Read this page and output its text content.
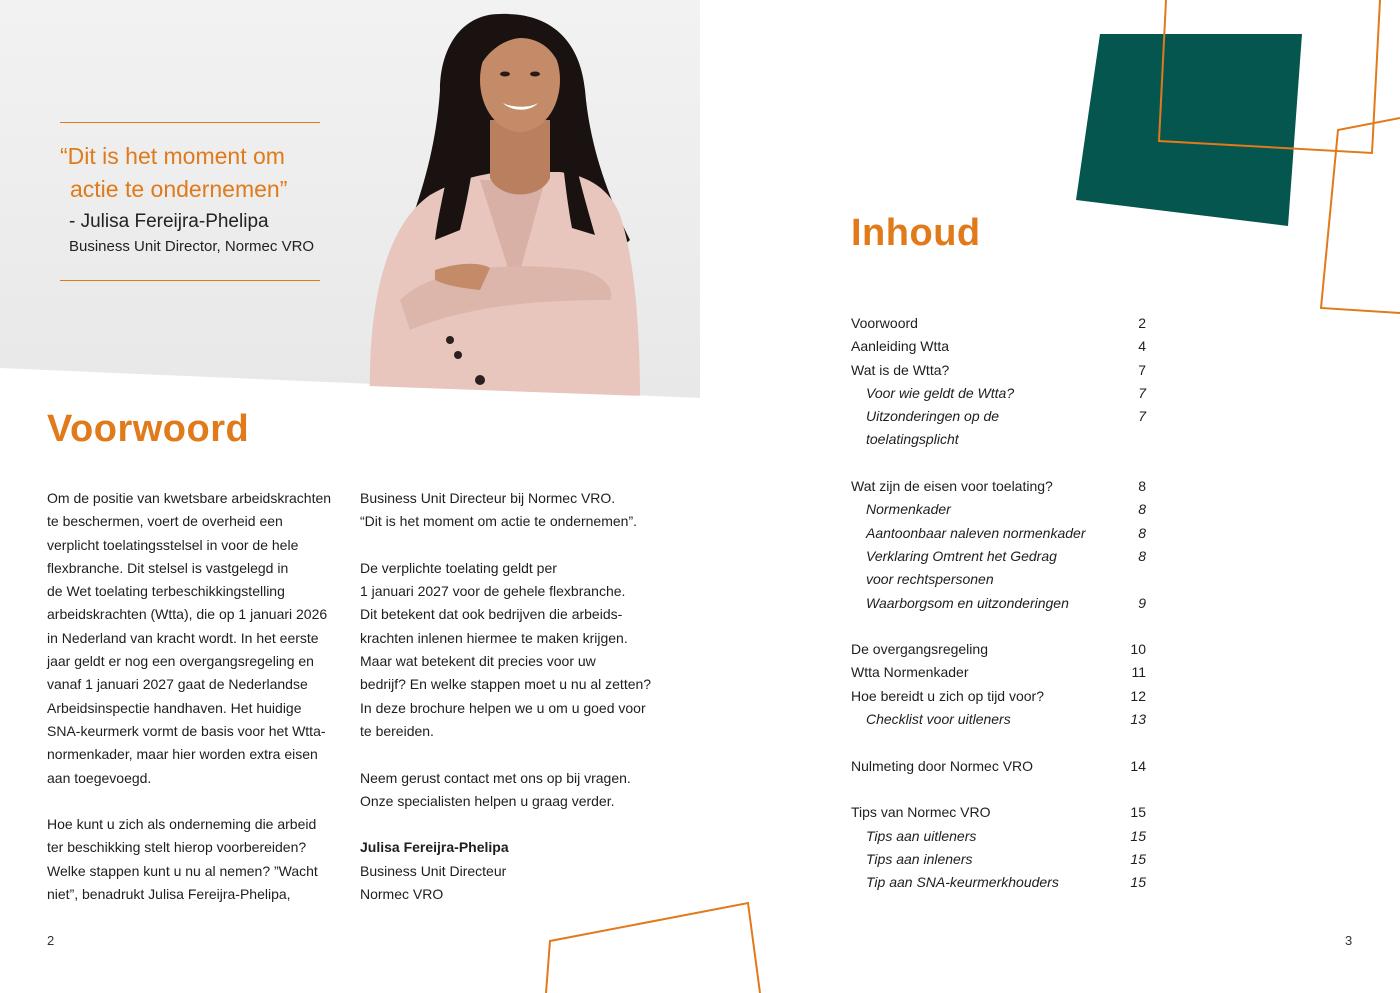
“Dit is het moment om
actie te ondernemen”
- Julisa Fereijra-Phelipa
Business Unit Director, Normec VRO
Voorwoord

Om de positie van kwetsbare arbeidskrachten
te beschermen, voert de overheid een
verplicht toelatingsstelsel in voor de hele
flexbranche. Dit stelsel is vastgelegd in
de Wet toelating terbeschikkingstelling
arbeidskrachten (Wtta), die op 1 januari 2026
in Nederland van kracht wordt. In het eerste
jaar geldt er nog een overgangsregeling en
vanaf 1 januari 2027 gaat de Nederlandse
Arbeidsinspectie handhaven. Het huidige
SNA-keurmerk vormt de basis voor het Wtta-
normenkader, maar hier worden extra eisen
aan toegevoegd.

Hoe kunt u zich als onderneming die arbeid
ter beschikking stelt hierop voorbereiden?
Welke stappen kunt u nu al nemen? ”Wacht
niet”, benadrukt Julisa Fereijra-Phelipa,

Business Unit Directeur bij Normec VRO.
“Dit is het moment om actie te ondernemen”.

De verplichte toelating geldt per
1 januari 2027 voor de gehele flexbranche.
Dit betekent dat ook bedrijven die arbeids-
krachten inlenen hiermee te maken krijgen.
Maar wat betekent dit precies voor uw
bedrijf? En welke stappen moet u nu al zetten?
In deze brochure helpen we u om u goed voor
te bereiden.

Neem gerust contact met ons op bij vragen.
Onze specialisten helpen u graag verder.

Julisa Fereijra-Phelipa
Business Unit Directeur
Normec VRO

2
Inhoud
Voorwoord	2
Aanleiding Wtta	4
Wat is de Wtta?	7
Voor wie geldt de Wtta?	7
Uitzonderingen op de	7
toelatingsplicht
Wat zijn de eisen voor toelating?	8
Normenkader	8
Aantoonbaar naleven normenkader	8
Verklaring Omtrent het Gedrag	8
voor rechtspersonen
Waarborgsom en uitzonderingen	9
De overgangsregeling	10
Wtta Normenkader	11
Hoe bereidt u zich op tijd voor?	12
Checklist voor uitleners	13
Nulmeting door Normec VRO	14
Tips van Normec VRO	15
Tips aan uitleners	15
Tips aan inleners	15
Tip aan SNA-keurmerkhouders	15
3
